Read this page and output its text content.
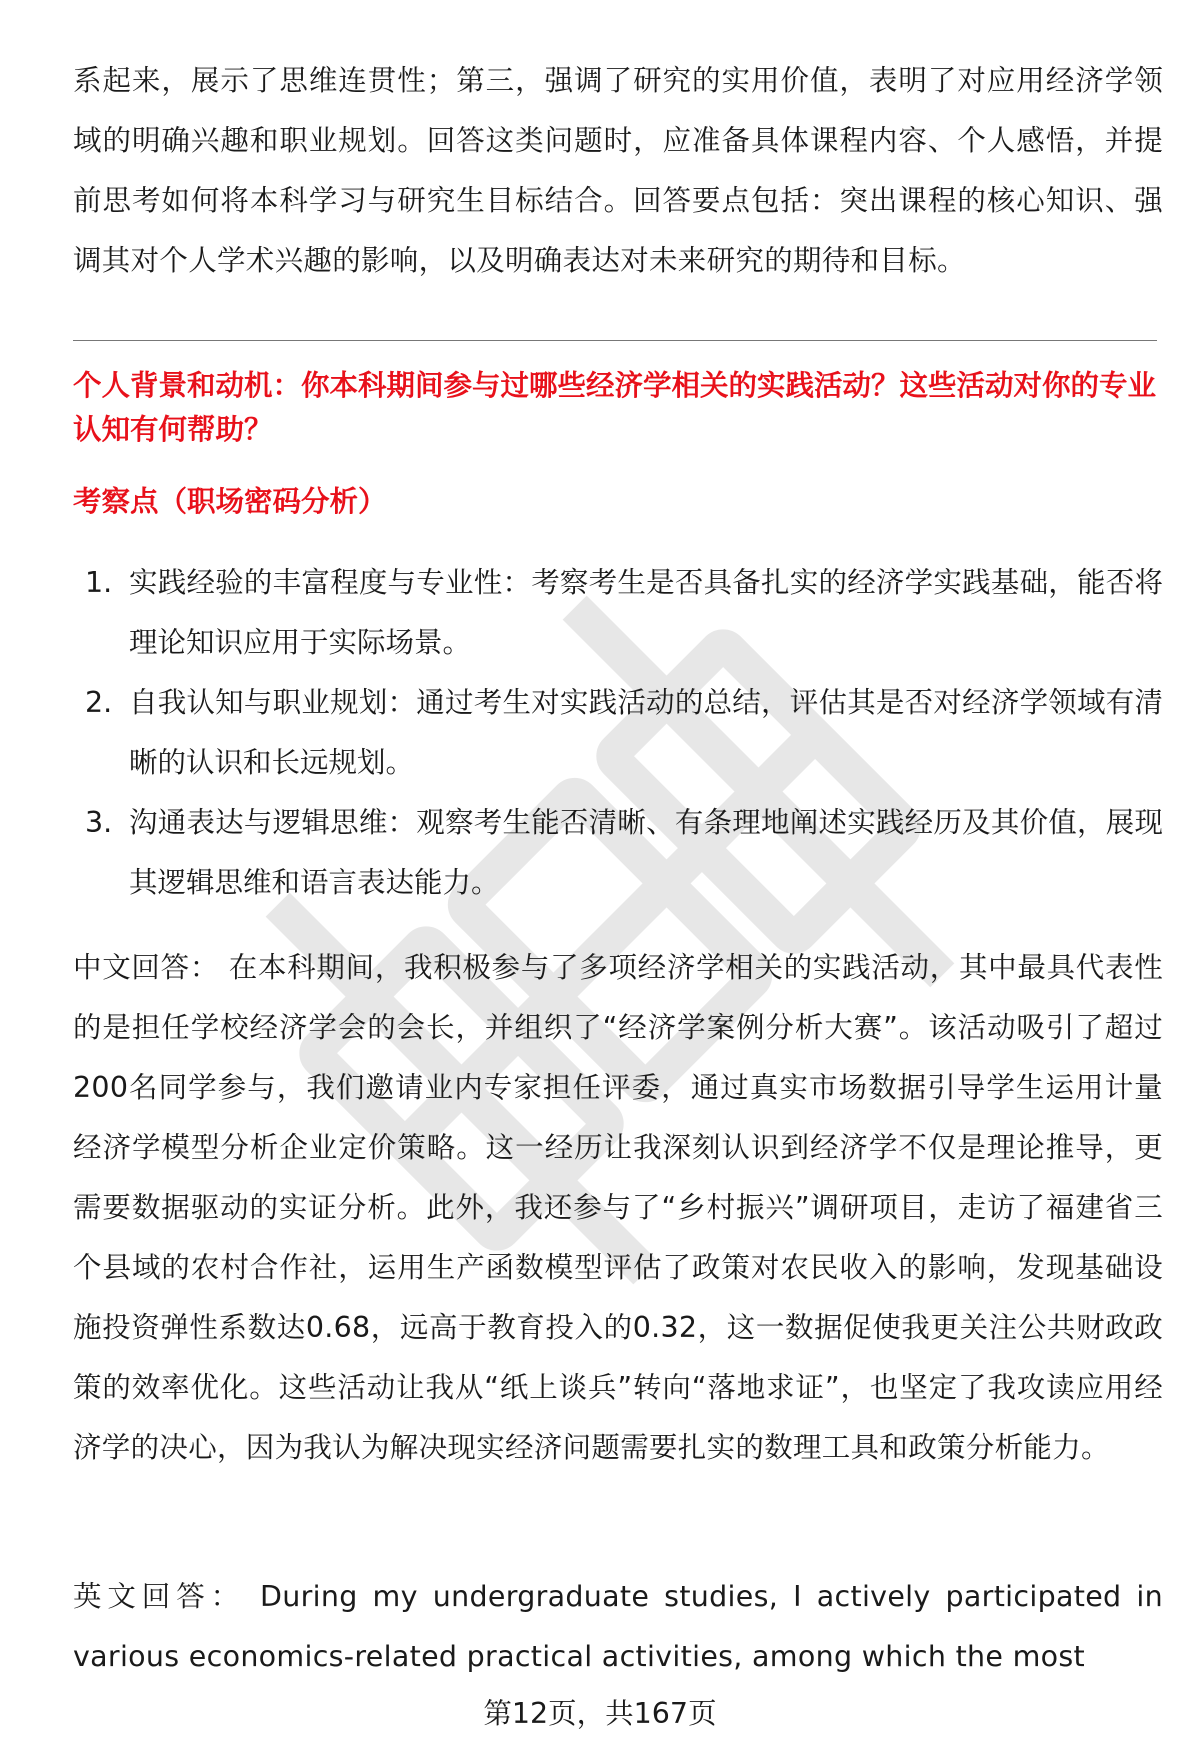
系起来，展示了思维连贯性；第三，强调了研究的实用价值，表明了对应用经济学领域的明确兴趣和职业规划。回答这类问题时，应准备具体课程内容、个人感悟，并提前思考如何将本科学习与研究生目标结合。回答要点包括：突出课程的核心知识、强调其对个人学术兴趣的影响，以及明确表达对未来研究的期待和目标。

个人背景和动机：你本科期间参与过哪些经济学相关的实践活动？这些活动对你的专业认知有何帮助？

考察点（职场密码分析）

1. 实践经验的丰富程度与专业性：考察考生是否具备扎实的经济学实践基础，能否将理论知识应用于实际场景。
2. 自我认知与职业规划：通过考生对实践活动的总结，评估其是否对经济学领域有清晰的认识和长远规划。
3. 沟通表达与逻辑思维：观察考生能否清晰、有条理地阐述实践经历及其价值，展现其逻辑思维和语言表达能力。

中文回答： 在本科期间，我积极参与了多项经济学相关的实践活动，其中最具代表性的是担任学校经济学会的会长，并组织了“经济学案例分析大赛”。该活动吸引了超过200名同学参与，我们邀请业内专家担任评委，通过真实市场数据引导学生运用计量经济学模型分析企业定价策略。这一经历让我深刻认识到经济学不仅是理论推导，更需要数据驱动的实证分析。此外，我还参与了“乡村振兴”调研项目，走访了福建省三个县域的农村合作社，运用生产函数模型评估了政策对农民收入的影响，发现基础设施投资弹性系数达0.68，远高于教育投入的0.32，这一数据促使我更关注公共财政政策的效率优化。这些活动让我从“纸上谈兵”转向“落地求证”，也坚定了我攻读应用经济学的决心，因为我认为解决现实经济问题需要扎实的数理工具和政策分析能力。

英文回答： During my undergraduate studies, I actively participated in various economics-related practical activities, among which the most

第12页，共167页
